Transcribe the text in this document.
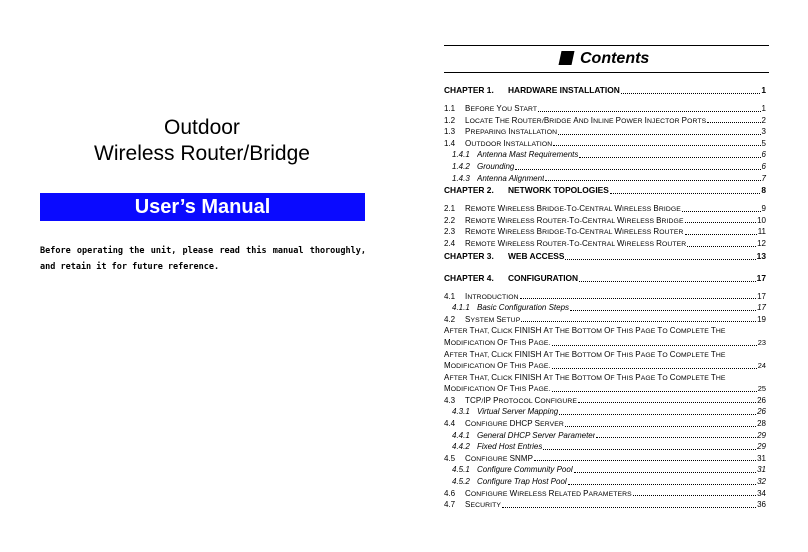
Outdoor
Wireless Router/Bridge
User’s Manual
Before operating the unit, please read this manual thoroughly, and retain it for future reference.
Contents
CHAPTER 1.	HARDWARE INSTALLATION	1
1.1	BEFORE YOU START	1
1.2	LOCATE THE ROUTER/BRIDGE AND INLINE POWER INJECTOR PORTS	2
1.3	PREPARING INSTALLATION	3
1.4	OUTDOOR INSTALLATION	5
1.4.1 Antenna Mast Requirements	6
1.4.2 Grounding	6
1.4.3 Antenna Alignment	7
CHAPTER 2.	NETWORK TOPOLOGIES	8
2.1	REMOTE WIRELESS BRIDGE-TO-CENTRAL WIRELESS BRIDGE	9
2.2	REMOTE WIRELESS ROUTER-TO-CENTRAL WIRELESS BRIDGE	10
2.3	REMOTE WIRELESS BRIDGE-TO-CENTRAL WIRELESS ROUTER	11
2.4	REMOTE WIRELESS ROUTER-TO-CENTRAL WIRELESS ROUTER	12
CHAPTER 3.	WEB ACCESS	13
CHAPTER 4.	CONFIGURATION	17
4.1	INTRODUCTION	17
4.1.1 Basic Configuration Steps	17
4.2	SYSTEM SETUP	19
AFTER THAT, CLICK FINISH AT THE BOTTOM OF THIS PAGE TO COMPLETE THE
MODIFICATION OF THIS PAGE.	23
AFTER THAT, CLICK FINISH AT THE BOTTOM OF THIS PAGE TO COMPLETE THE
MODIFICATION OF THIS PAGE.	24
AFTER THAT, CLICK FINISH AT THE BOTTOM OF THIS PAGE TO COMPLETE THE
MODIFICATION OF THIS PAGE.	25
4.3	TCP/IP PROTOCOL CONFIGURE	26
4.3.1 Virtual Server Mapping	26
4.4	CONFIGURE DHCP SERVER	28
4.4.1 General DHCP Server Parameter	29
4.4.2 Fixed Host Entries	29
4.5	CONFIGURE SNMP	31
4.5.1 Configure Community Pool	31
4.5.2 Configure Trap Host Pool	32
4.6	CONFIGURE WIRELESS RELATED PARAMETERS	34
4.7	SECURITY	36
